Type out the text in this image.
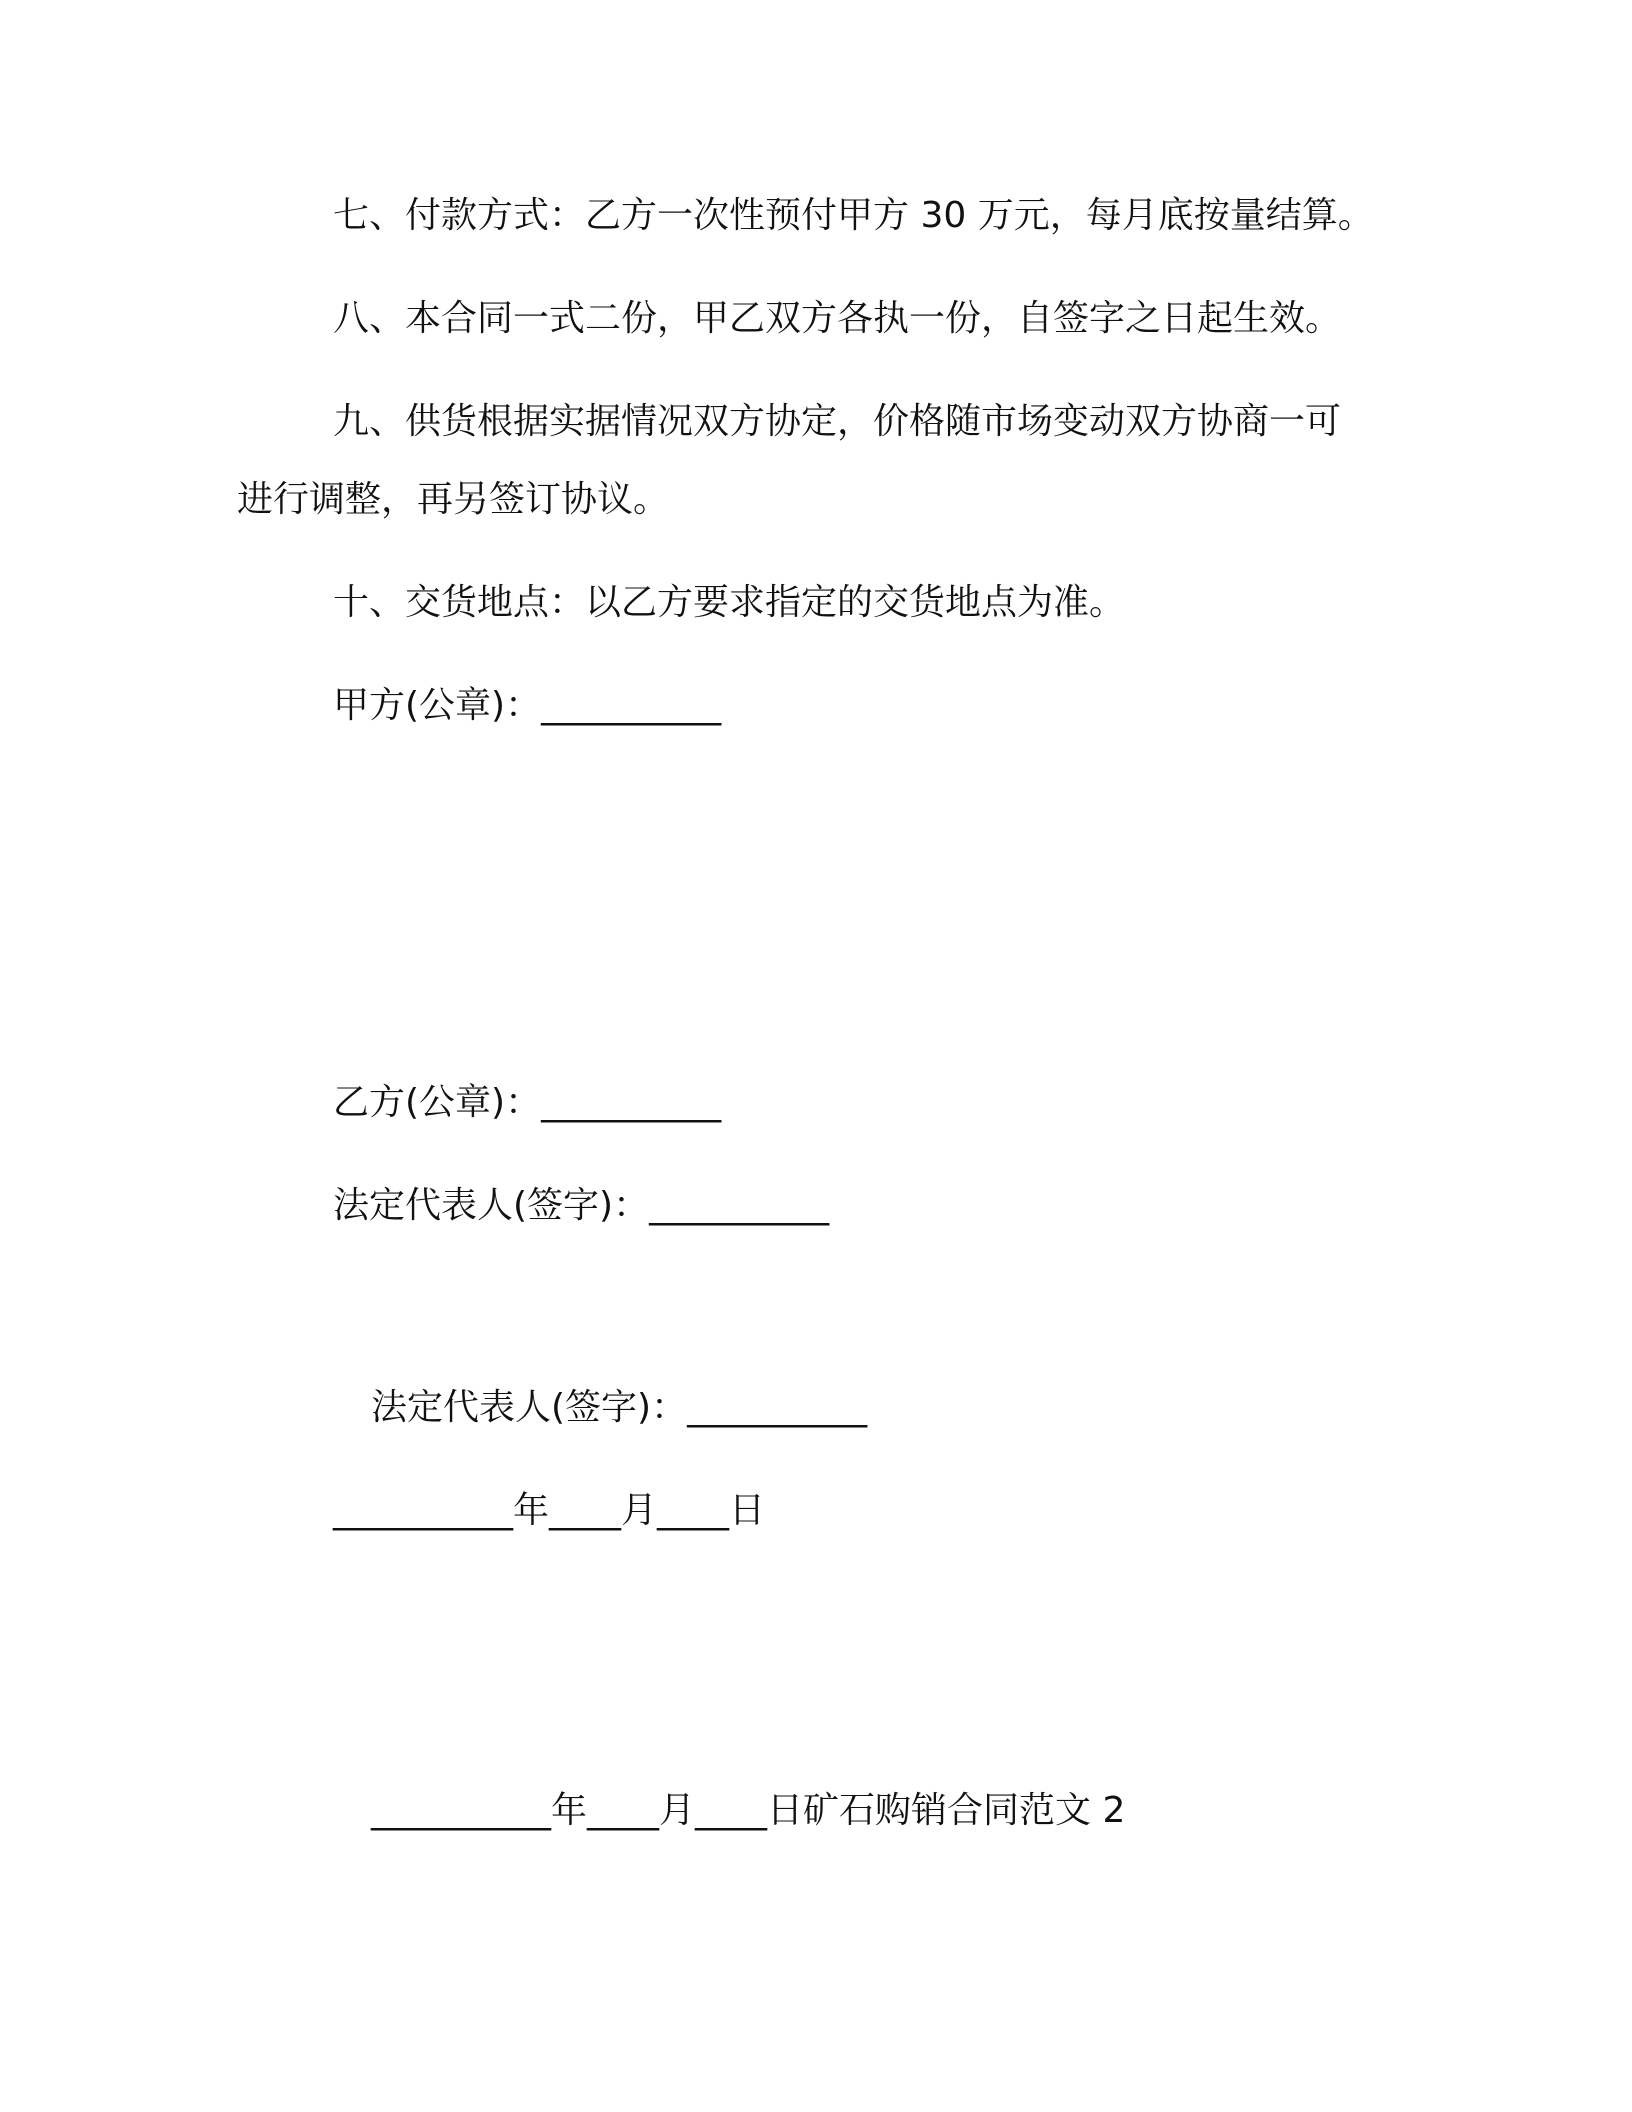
七、付款方式：乙方一次性预付甲方 30 万元，每月底按量结算。

八、本合同一式二份，甲乙双方各执一份，自签字之日起生效。

九、供货根据实据情况双方协定，价格随市场变动双方协商一可

进行调整，再另签订协议。

十、交货地点：以乙方要求指定的交货地点为准。

甲方(公章)：__________

乙方(公章)：__________

法定代表人(签字)：__________

法定代表人(签字)：__________

__________年____月____日

__________年____月____日矿石购销合同范文 2
